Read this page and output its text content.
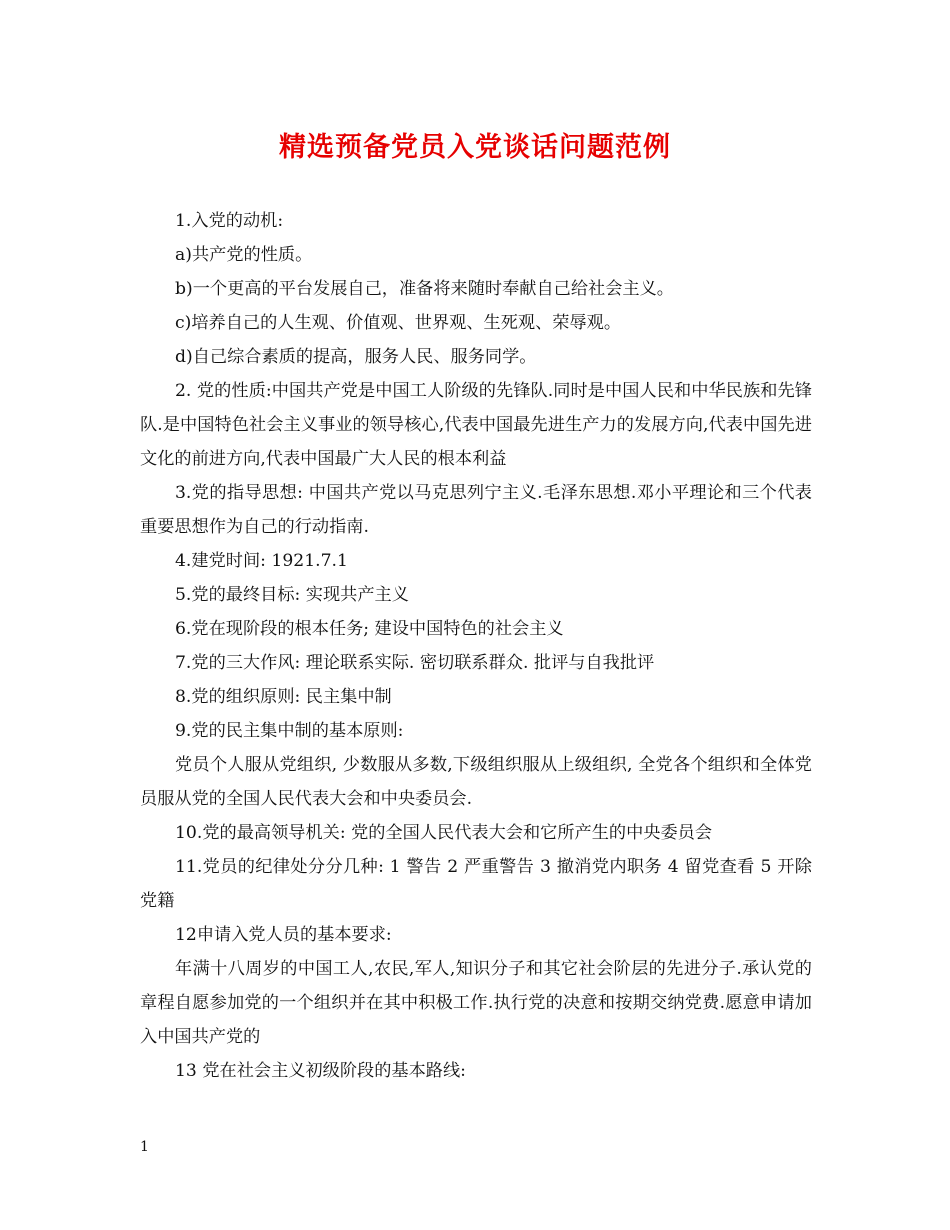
精选预备党员入党谈话问题范例

1.入党的动机:

a)共产党的性质。

b)一个更高的平台发展自己，准备将来随时奉献自己给社会主义。

c)培养自己的人生观、价值观、世界观、生死观、荣辱观。

d)自己综合素质的提高，服务人民、服务同学。

2. 党的性质:中国共产党是中国工人阶级的先锋队.同时是中国人民和中华民族和先锋队.是中国特色社会主义事业的领导核心,代表中国最先进生产力的发展方向,代表中国先进文化的前进方向,代表中国最广大人民的根本利益

3.党的指导思想: 中国共产党以马克思列宁主义.毛泽东思想.邓小平理论和三个代表重要思想作为自己的行动指南.

4.建党时间: 1921.7.1

5.党的最终目标: 实现共产主义

6.党在现阶段的根本任务; 建设中国特色的社会主义

7.党的三大作风: 理论联系实际. 密切联系群众. 批评与自我批评

8.党的组织原则: 民主集中制

9.党的民主集中制的基本原则:

党员个人服从党组织, 少数服从多数,下级组织服从上级组织, 全党各个组织和全体党员服从党的全国人民代表大会和中央委员会.

10.党的最高领导机关: 党的全国人民代表大会和它所产生的中央委员会

11.党员的纪律处分分几种: 1 警告 2 严重警告 3 撤消党内职务 4 留党查看 5 开除党籍

12申请入党人员的基本要求:

年满十八周岁的中国工人,农民,军人,知识分子和其它社会阶层的先进分子.承认党的章程自愿参加党的一个组织并在其中积极工作.执行党的决意和按期交纳党费.愿意申请加入中国共产党的

13 党在社会主义初级阶段的基本路线:

1
